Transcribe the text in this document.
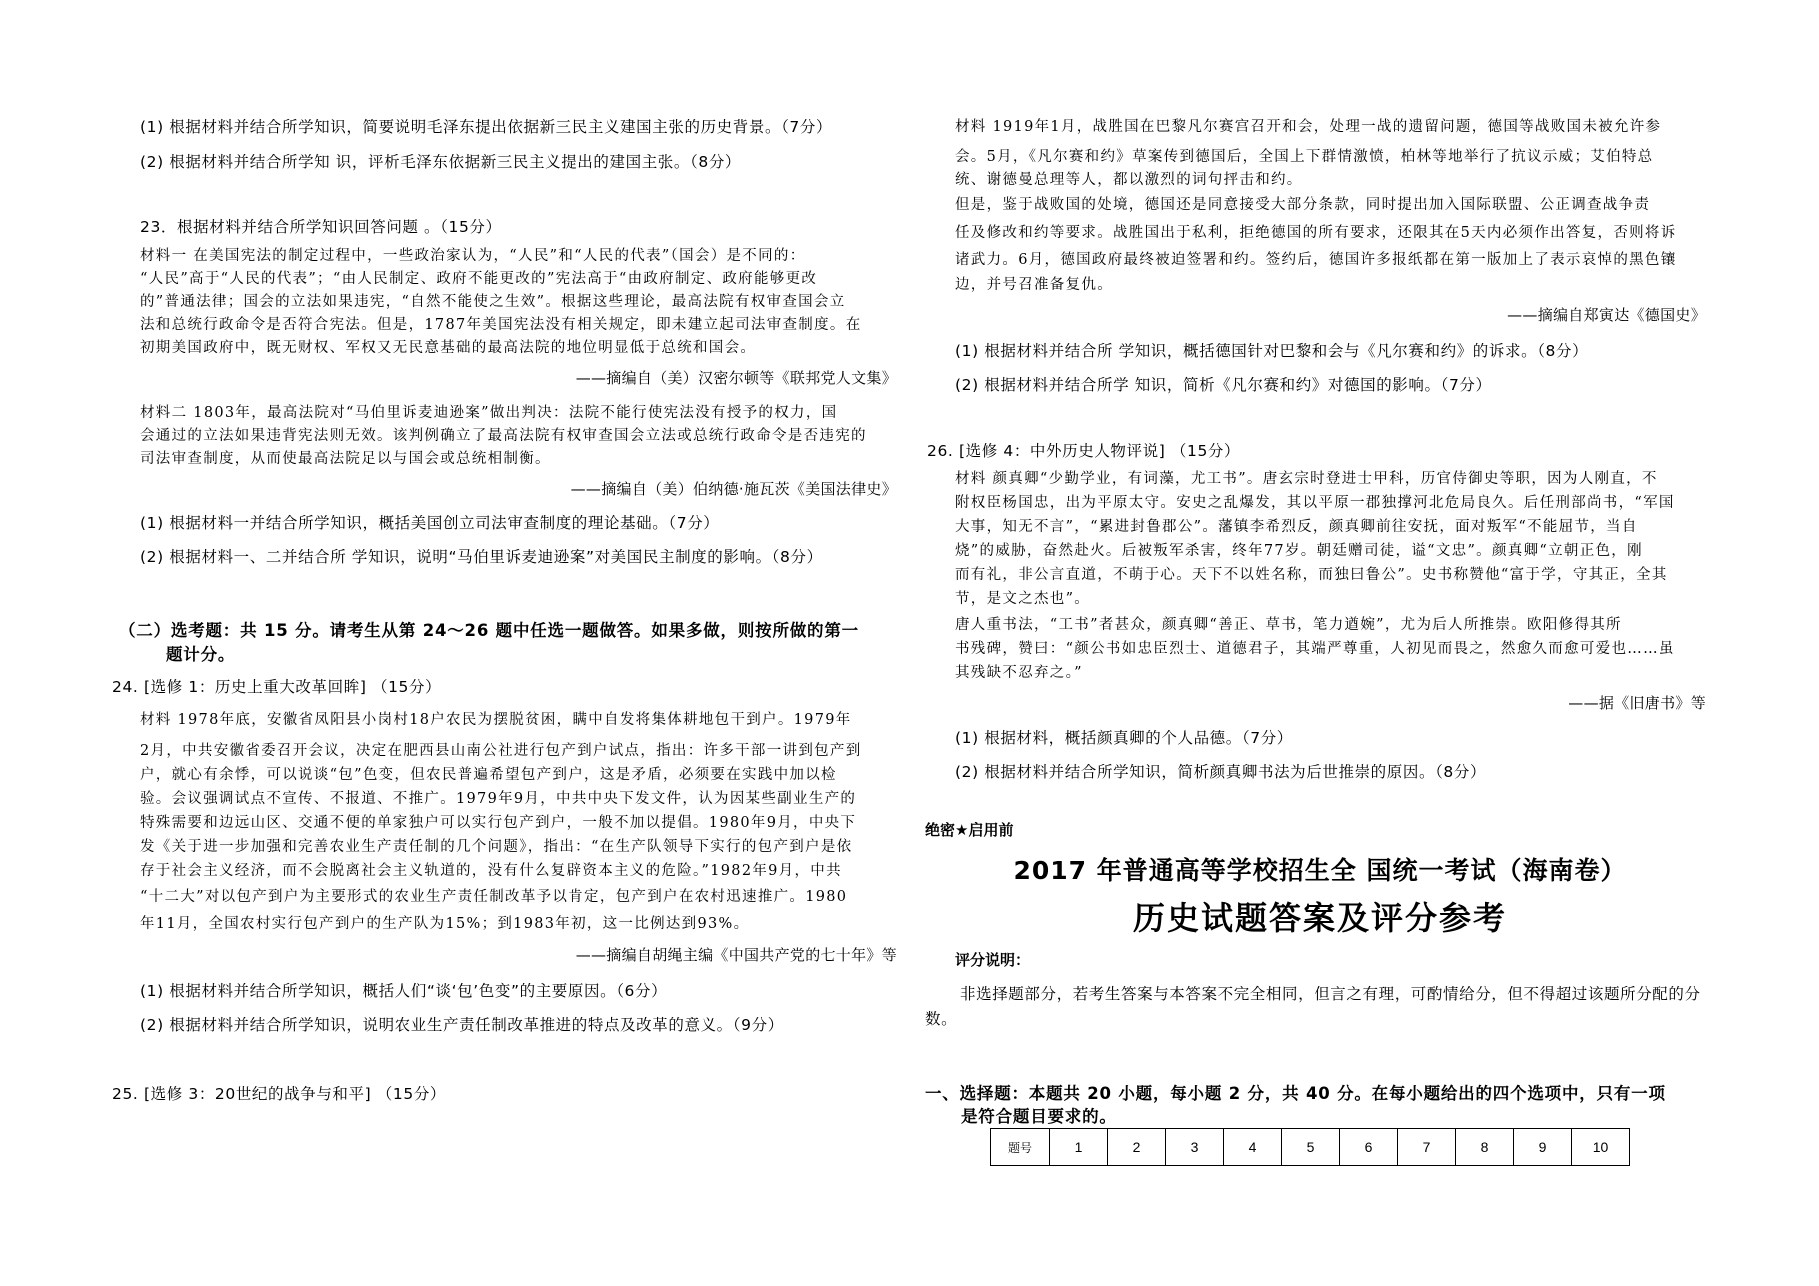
(1) 根据材料并结合所学知识，简要说明毛泽东提出依据新三民主义建国主张的历史背景。（7分）
(2) 根据材料并结合所学知 识，评析毛泽东依据新三民主义提出的建国主张。（8分）
23．根据材料并结合所学知识回答问题 。（15分）
材料一 在美国宪法的制定过程中，一些政治家认为，“人民”和“人民的代表”（国会）是不同的：
“人民”高于“人民的代表”；“由人民制定、政府不能更改的”宪法高于“由政府制定、政府能够更改
的”普通法律；国会的立法如果违宪，“自然不能使之生效”。根据这些理论，最高法院有权审查国会立
法和总统行政命令是否符合宪法。但是，1787年美国宪法没有相关规定，即未建立起司法审查制度。在
初期美国政府中，既无财权、军权又无民意基础的最高法院的地位明显低于总统和国会。
——摘编自（美）汉密尔顿等《联邦党人文集》
材料二 1803年，最高法院对“马伯里诉麦迪逊案”做出判决：法院不能行使宪法没有授予的权力，国
会通过的立法如果违背宪法则无效。该判例确立了最高法院有权审查国会立法或总统行政命令是否违宪的
司法审查制度，从而使最高法院足以与国会或总统相制衡。
——摘编自（美）伯纳德·施瓦茨《美国法律史》
(1) 根据材料一并结合所学知识，概括美国创立司法审查制度的理论基础。（7分）
(2) 根据材料一、二并结合所 学知识，说明“马伯里诉麦迪逊案”对美国民主制度的影响。（8分）
（二）选考题：共 15 分。请考生从第 24～26 题中任选一题做答。如果多做，则按所做的第一
题计分。
24. [选修 1：历史上重大改革回眸] （15分）
材料 1978年底，安徽省凤阳县小岗村18户农民为摆脱贫困，瞒中自发将集体耕地包干到户。1979年
2月，中共安徽省委召开会议，决定在肥西县山南公社进行包产到户试点，指出：许多干部一讲到包产到
户，就心有余悸，可以说谈“包”色变，但农民普遍希望包产到户，这是矛盾，必须要在实践中加以检
验。会议强调试点不宣传、不报道、不推广。1979年9月，中共中央下发文件，认为因某些副业生产的
特殊需要和边远山区、交通不便的单家独户可以实行包产到户，一般不加以提倡。1980年9月，中央下
发《关于进一步加强和完善农业生产责任制的几个问题》，指出：“在生产队领导下实行的包产到户是依
存于社会主义经济，而不会脱离社会主义轨道的，没有什么复辟资本主义的危险。”1982年9月，中共
“十二大”对以包产到户为主要形式的农业生产责任制改革予以肯定，包产到户在农村迅速推广。1980
年11月，全国农村实行包产到户的生产队为15%；到1983年初，这一比例达到93%。
——摘编自胡绳主编《中国共产党的七十年》等
(1) 根据材料并结合所学知识，概括人们“谈‘包’色变”的主要原因。（6分）
(2) 根据材料并结合所学知识，说明农业生产责任制改革推进的特点及改革的意义。（9分）
25. [选修 3：20世纪的战争与和平] （15分）
材料 1919年1月，战胜国在巴黎凡尔赛宫召开和会，处理一战的遗留问题，德国等战败国未被允许参
会。5月，《凡尔赛和约》草案传到德国后，全国上下群情激愤，柏林等地举行了抗议示威；艾伯特总
统、谢德曼总理等人，都以激烈的词句抨击和约。
但是，鉴于战败国的处境，德国还是同意接受大部分条款，同时提出加入国际联盟、公正调查战争责
任及修改和约等要求。战胜国出于私利，拒绝德国的所有要求，还限其在5天内必须作出答复，否则将诉
诸武力。6月，德国政府最终被迫签署和约。签约后，德国许多报纸都在第一版加上了表示哀悼的黑色镶
边，并号召准备复仇。
——摘编自郑寅达《德国史》
(1) 根据材料并结合所 学知识，概括德国针对巴黎和会与《凡尔赛和约》的诉求。（8分）
(2) 根据材料并结合所学 知识，简析《凡尔赛和约》对德国的影响。（7分）
26. [选修 4：中外历史人物评说] （15分）
材料 颜真卿“少勤学业，有词藻，尤工书”。唐玄宗时登进士甲科，历官侍御史等职，因为人刚直，不
附权臣杨国忠，出为平原太守。安史之乱爆发，其以平原一郡独撑河北危局良久。后任刑部尚书，“军国
大事，知无不言”，“累进封鲁郡公”。藩镇李希烈反，颜真卿前往安抚，面对叛军“不能屈节，当自
烧”的威胁，奋然赴火。后被叛军杀害，终年77岁。朝廷赠司徒，谥“文忠”。颜真卿“立朝正色，刚
而有礼，非公言直道，不萌于心。天下不以姓名称，而独曰鲁公”。史书称赞他“富于学，守其正，全其
节，是文之杰也”。
唐人重书法，“工书”者甚众，颜真卿“善正、草书，笔力遒婉”，尤为后人所推崇。欧阳修得其所
书残碑，赞曰：“颜公书如忠臣烈士、道德君子，其端严尊重，人初见而畏之，然愈久而愈可爱也……虽
其残缺不忍弃之。”
——据《旧唐书》等
(1) 根据材料，概括颜真卿的个人品德。（7分）
(2) 根据材料并结合所学知识，简析颜真卿书法为后世推崇的原因。（8分）
绝密★启用前
2017 年普通高等学校招生全 国统一考试（海南卷）
历史试题答案及评分参考
评分说明：
非选择题部分，若考生答案与本答案不完全相同，但言之有理，可酌情给分，但不得超过该题所分配的分
数。
一、选择题：本题共 20 小题，每小题 2 分，共 40 分。在每小题给出的四个选项中，只有一项
是符合题目要求的。
题号	1	2	3	4	5	6	7	8	9	10
